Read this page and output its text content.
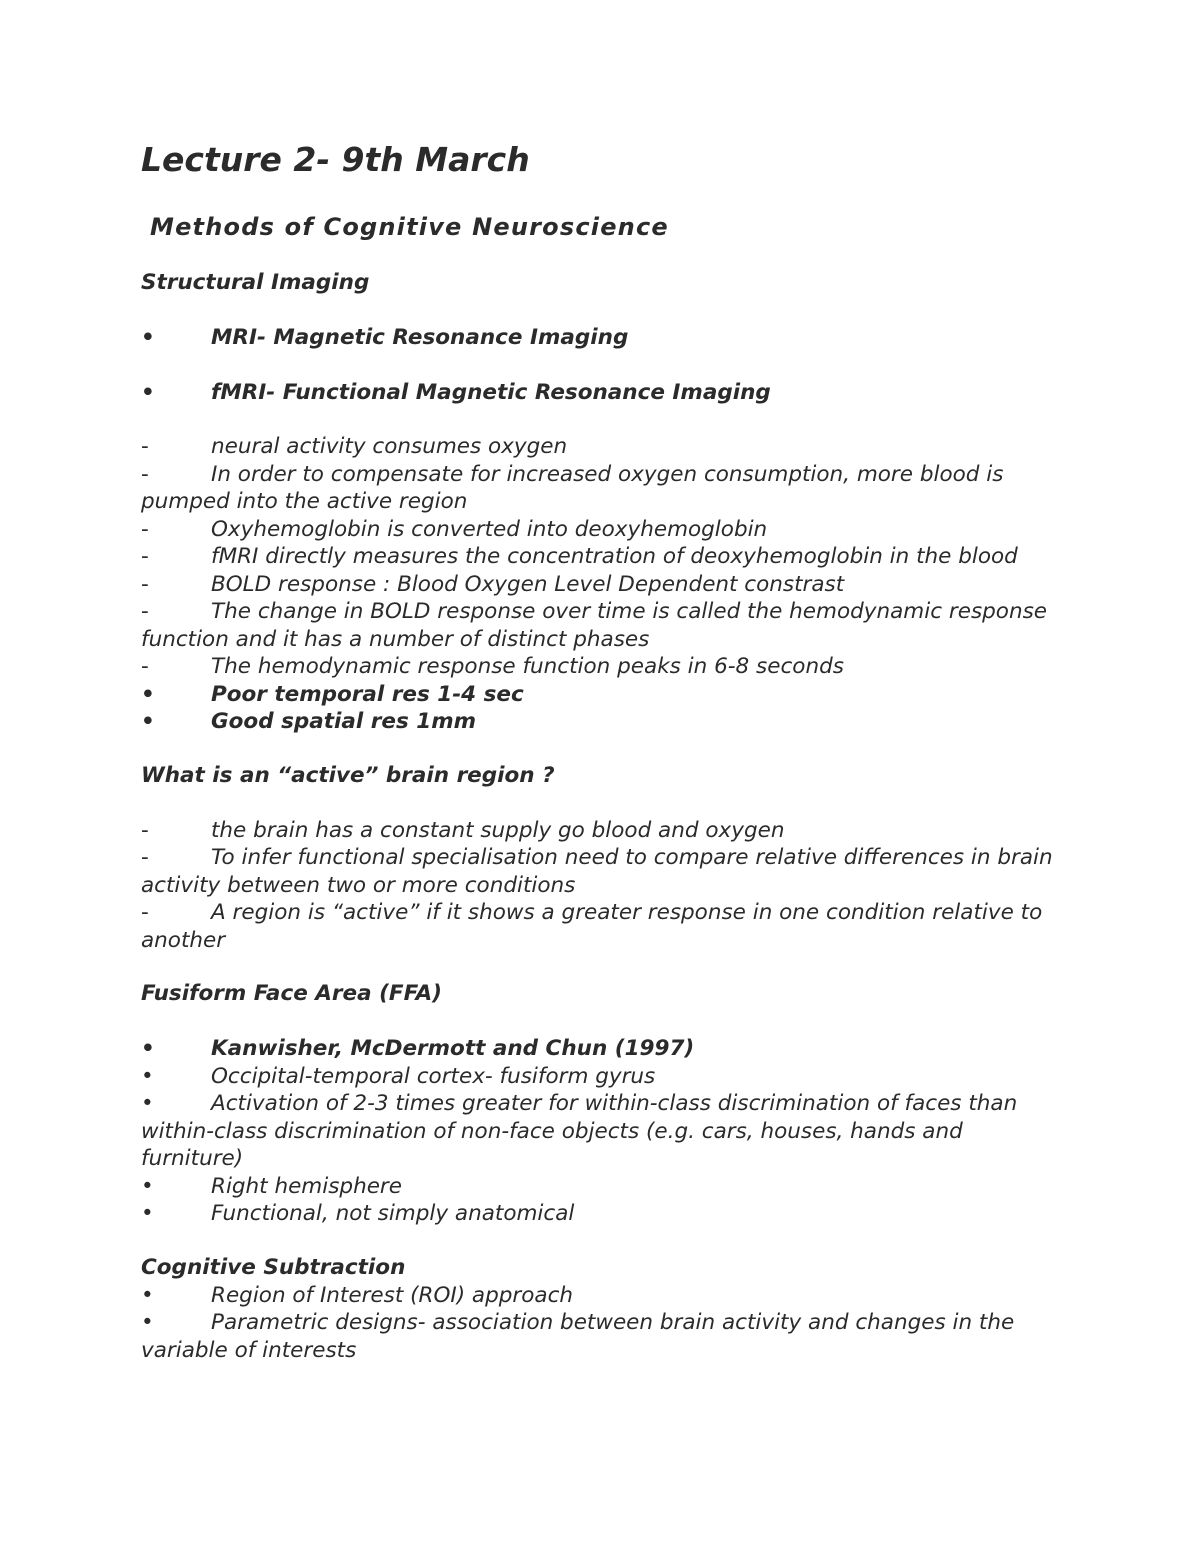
Lecture 2- 9th March

Methods of Cognitive Neuroscience

Structural Imaging

•	MRI- Magnetic Resonance Imaging

•	fMRI- Functional Magnetic Resonance Imaging

-	neural activity consumes oxygen

-	In order to compensate for increased oxygen consumption, more blood is pumped into the active region

-	Oxyhemoglobin is converted into deoxyhemoglobin

-	fMRI directly measures the concentration of deoxyhemoglobin in the blood

-	BOLD response : Blood Oxygen Level Dependent constrast

-	The change in BOLD response over time is called the hemodynamic response function and it has a number of distinct phases

-	The hemodynamic response function peaks in 6-8 seconds

•	Poor temporal res 1-4 sec

•	Good spatial res 1mm

What is an “active” brain region ?

-	the brain has a constant supply go blood and oxygen

-	To infer functional specialisation need to compare relative differences in brain activity between two or more conditions

-	A region is “active” if it shows a greater response in one condition relative to another

Fusiform Face Area (FFA)

•	Kanwisher, McDermott and Chun (1997)

•	Occipital-temporal cortex- fusiform gyrus

•	Activation of 2-3 times greater for within-class discrimination of faces than within-class discrimination of non-face objects (e.g. cars, houses, hands and furniture)

•	Right hemisphere

•	Functional, not simply anatomical

Cognitive Subtraction

•	Region of Interest (ROI) approach

•	Parametric designs- association between brain activity and changes in the variable of interests
